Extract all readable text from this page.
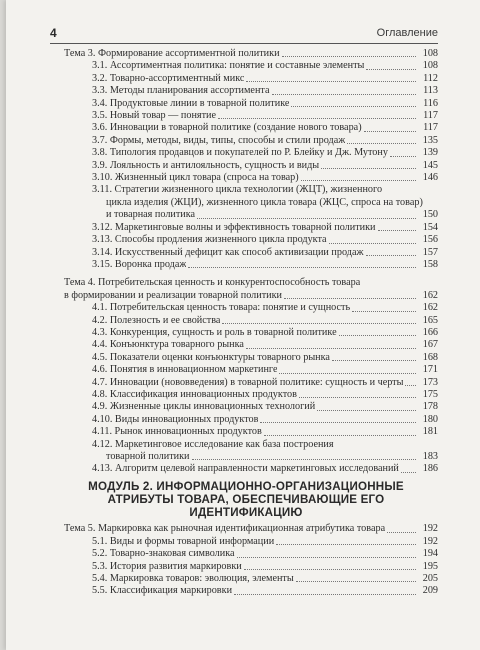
4	Оглавление
Тема 3. Формирование ассортиментной политики	108
3.1. Ассортиментная политика: понятие и составные элементы	108
3.2. Товарно-ассортиментный микс	112
3.3. Методы планирования ассортимента	113
3.4. Продуктовые линии в товарной политике	116
3.5. Новый товар — понятие	117
3.6. Инновации в товарной политике (создание нового товара)	117
3.7. Формы, методы, виды, типы, способы и стили продаж	135
3.8. Типология продавцов и покупателей по Р. Блейку и Дж. Мутону	139
3.9. Лояльность и антилояльность, сущность и виды	145
3.10. Жизненный цикл товара (спроса на товар)	146
3.11. Стратегии жизненного цикла технологии (ЖЦТ), жизненного
цикла изделия (ЖЦИ), жизненного цикла товара (ЖЦС, спроса на товар)
и товарная политика	150
3.12. Маркетинговые волны и эффективность товарной политики	154
3.13. Способы продления жизненного цикла продукта	156
3.14. Искусственный дефицит как способ активизации продаж	157
3.15. Воронка продаж	158
Тема 4. Потребительская ценность и конкурентоспособность товара
в формировании и реализации товарной политики	162
4.1. Потребительская ценность товара: понятие и сущность	162
4.2. Полезность и ее свойства	165
4.3. Конкуренция, сущность и роль в товарной политике	166
4.4. Конъюнктура товарного рынка	167
4.5. Показатели оценки конъюнктуры товарного рынка	168
4.6. Понятия в инновационном маркетинге	171
4.7. Инновации (нововведения) в товарной политике: сущность и черты	173
4.8. Классификация инновационных продуктов	175
4.9. Жизненные циклы инновационных технологий	178
4.10. Виды инновационных продуктов	180
4.11. Рынок инновационных продуктов	181
4.12. Маркетинговое исследование как база построения
товарной политики	183
4.13. Алгоритм целевой направленности маркетинговых исследований	186
МОДУЛЬ 2. ИНФОРМАЦИОННО-ОРГАНИЗАЦИОННЫЕ
АТРИБУТЫ ТОВАРА, ОБЕСПЕЧИВАЮЩИЕ ЕГО ИДЕНТИФИКАЦИЮ
Тема 5. Маркировка как рыночная идентификационная атрибутика товара	192
5.1. Виды и формы товарной информации	192
5.2. Товарно-знаковая символика	194
5.3. История развития маркировки	195
5.4. Маркировка товаров: эволюция, элементы	205
5.5. Классификация маркировки	209
